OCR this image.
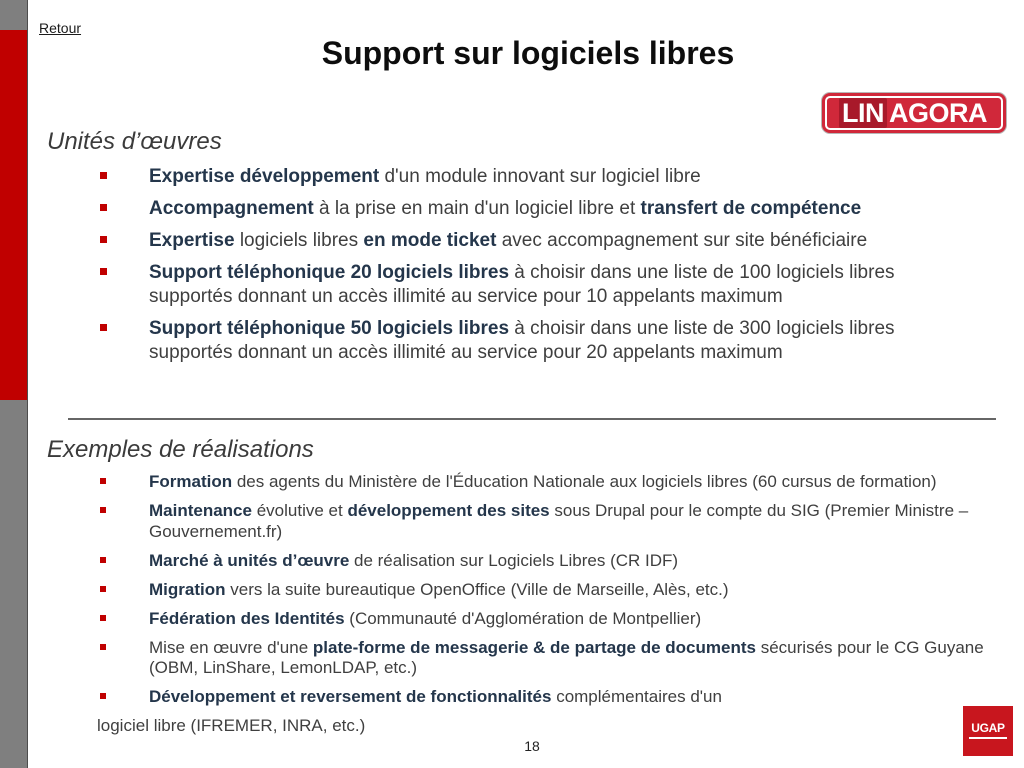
Retour
Support sur logiciels libres
LIN AGORA
Unités d’œuvres
Expertise développement d'un module innovant sur logiciel libre
Accompagnement à la prise en main d'un logiciel libre et transfert de compétence
Expertise logiciels libres en mode ticket avec accompagnement sur site bénéficiaire
Support téléphonique 20 logiciels libres à choisir dans une liste de 100 logiciels libres supportés donnant un accès illimité au service pour 10 appelants maximum
Support téléphonique 50 logiciels libres à choisir dans une liste de 300 logiciels libres supportés donnant un accès illimité au service pour 20 appelants maximum
Exemples de réalisations
Formation des agents du Ministère de l'Éducation Nationale aux logiciels libres (60 cursus de formation)
Maintenance évolutive et développement des sites sous Drupal pour le compte du SIG (Premier Ministre – Gouvernement.fr)
Marché à unités d’œuvre de réalisation sur Logiciels Libres (CR IDF)
Migration vers la suite bureautique OpenOffice (Ville de Marseille, Alès, etc.)
Fédération des Identités (Communauté d'Agglomération de Montpellier)
Mise en œuvre d'une plate-forme de messagerie & de partage de documents sécurisés pour le CG Guyane (OBM, LinShare, LemonLDAP, etc.)
Développement et reversement de fonctionnalités complémentaires d'un

logiciel libre (IFREMER, INRA, etc.)

18
UGAP
